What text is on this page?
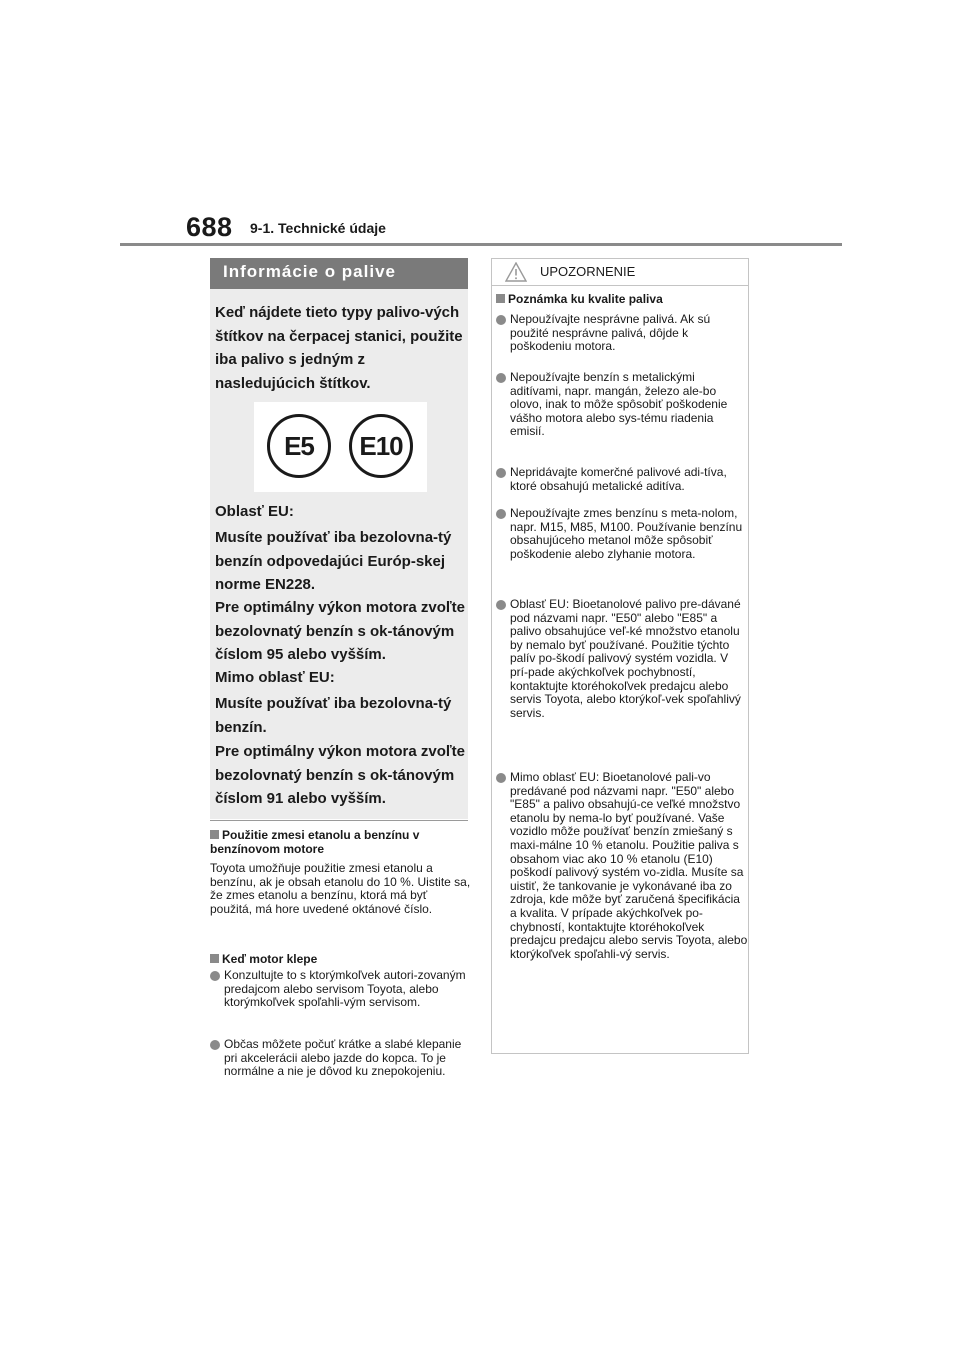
688 9-1. Technické údaje
Informácie o palive
Keď nájdete tieto typy palivo-vých štítkov na čerpacej stanici, použite iba palivo s jedným z nasledujúcich štítkov.
E5	E10
Oblasť EU:
Musíte používať iba bezolovna-tý benzín odpovedajúci Európ-skej norme EN228.
Pre optimálny výkon motora zvoľte bezolovnatý benzín s ok-tánovým číslom 95 alebo vyšším.
Mimo oblasť EU:
Musíte používať iba bezolovna-tý benzín.
Pre optimálny výkon motora zvoľte bezolovnatý benzín s ok-tánovým číslom 91 alebo vyšším.
Použitie zmesi etanolu a benzínu v benzínovom motore
Toyota umožňuje použitie zmesi etanolu a benzínu, ak je obsah etanolu do 10 %. Uistite sa, že zmes etanolu a benzínu, ktorá má byť použitá, má hore uvedené oktánové číslo.
Keď motor klepe
Konzultujte to s ktorýmkoľvek autori-zovaným predajcom alebo servisom Toyota, alebo ktorýmkoľvek spoľahli-vým servisom.
Občas môžete počuť krátke a slabé klepanie pri akcelerácii alebo jazde do kopca. To je normálne a nie je dôvod ku znepokojeniu.
UPOZORNENIE
Poznámka ku kvalite paliva
Nepoužívajte nesprávne palivá. Ak sú použité nesprávne palivá, dôjde k poškodeniu motora.
Nepoužívajte benzín s metalickými aditívami, napr. mangán, železo ale-bo olovo, inak to môže spôsobiť poškodenie vášho motora alebo sys-tému riadenia emisií.
Nepridávajte komerčné palivové adi-tíva, ktoré obsahujú metalické aditíva.
Nepoužívajte zmes benzínu s meta-nolom, napr. M15, M85, M100. Používanie benzínu obsahujúceho metanol môže spôsobiť poškodenie alebo zlyhanie motora.
Oblasť EU: Bioetanolové palivo pre-dávané pod názvami napr. "E50" alebo "E85" a palivo obsahujúce veľ-ké množstvo etanolu by nemalo byť používané. Použitie týchto palív po-škodí palivový systém vozidla. V prí-pade akýchkoľvek pochybností, kontaktujte ktoréhokoľvek predajcu alebo servis Toyota, alebo ktorýkoľ-vek spoľahlivý servis.
Mimo oblasť EU: Bioetanolové pali-vo predávané pod názvami napr. "E50" alebo "E85" a palivo obsahujú-ce veľké množstvo etanolu by nema-lo byť používané. Vaše vozidlo môže používať benzín zmiešaný s maxi-málne 10 % etanolu. Použitie paliva s obsahom viac ako 10 % etanolu (E10) poškodí palivový systém vo-zidla. Musíte sa uistiť, že tankovanie je vykonávané iba zo zdroja, kde môže byť zaručená špecifikácia a kvalita. V prípade akýchkoľvek po-chybností, kontaktujte ktoréhokoľvek predajcu predajcu alebo servis Toyota, alebo ktorýkoľvek spoľahli-vý servis.
